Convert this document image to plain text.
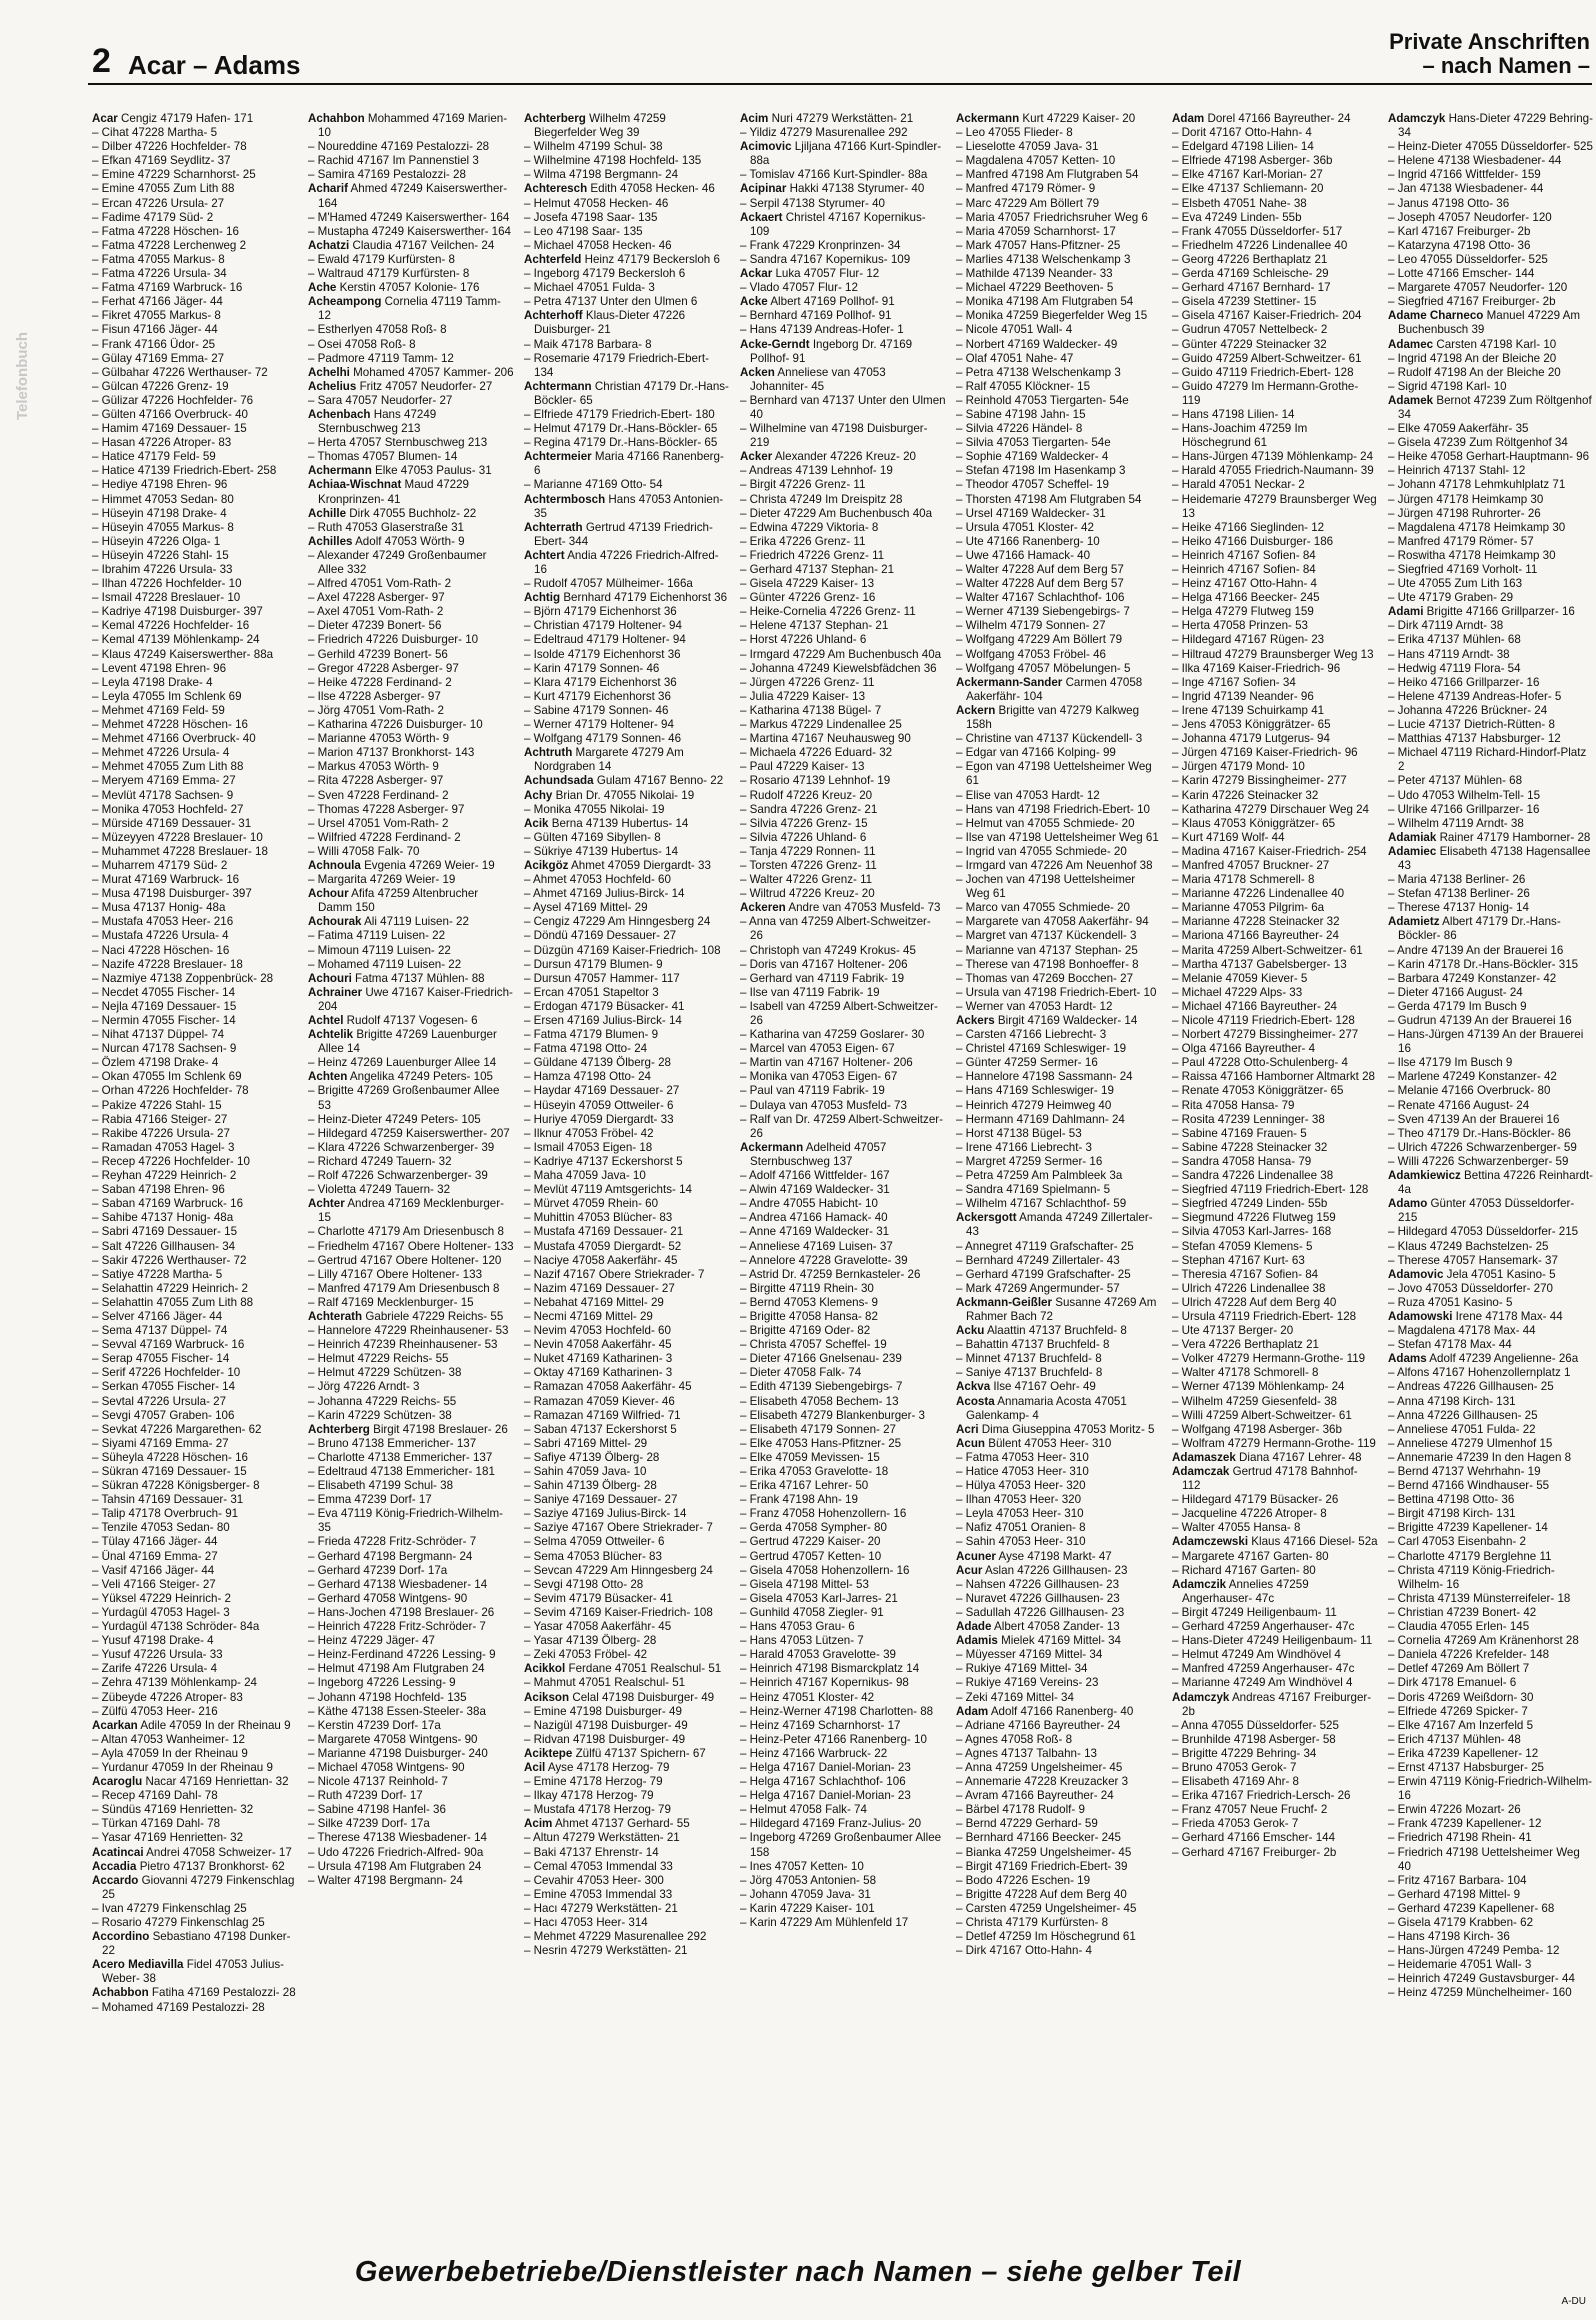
2 Acar – Adams
Private Anschriften
– nach Namen –
Telefonbuch
Acar Cengiz 47179 Hafen- 171
– Cihat 47228 Martha- 5
– Dilber 47226 Hochfelder- 78
– Efkan 47169 Seydlitz- 37
– Emine 47229 Scharnhorst- 25
– Emine 47055 Zum Lith 88
– Ercan 47226 Ursula- 27
– Fadime 47179 Süd- 2
– Fatma 47228 Höschen- 16
– Fatma 47228 Lerchenweg 2
– Fatma 47055 Markus- 8
– Fatma 47226 Ursula- 34
– Fatma 47169 Warbruck- 16
– Ferhat 47166 Jäger- 44
– Fikret 47055 Markus- 8
– Fisun 47166 Jäger- 44
– Frank 47166 Üdor- 25
– Gülay 47169 Emma- 27
– Gülbahar 47226 Werthauser- 72
– Gülcan 47226 Grenz- 19
– Gülizar 47226 Hochfelder- 76
– Gülten 47166 Overbruck- 40
– Hamim 47169 Dessauer- 15
– Hasan 47226 Atroper- 83
– Hatice 47179 Feld- 59
– Hatice 47139 Friedrich-Ebert- 258
– Hediye 47198 Ehren- 96
– Himmet 47053 Sedan- 80
– Hüseyin 47198 Drake- 4
– Hüseyin 47055 Markus- 8
– Hüseyin 47226 Olga- 1
– Hüseyin 47226 Stahl- 15
– Ibrahim 47226 Ursula- 33
– Ilhan 47226 Hochfelder- 10
– Ismail 47228 Breslauer- 10
– Kadriye 47198 Duisburger- 397
– Kemal 47226 Hochfelder- 16
– Kemal 47139 Möhlenkamp- 24
– Klaus 47249 Kaiserswerther- 88a
– Levent 47198 Ehren- 96
– Leyla 47198 Drake- 4
– Leyla 47055 Im Schlenk 69
– Mehmet 47169 Feld- 59
– Mehmet 47228 Höschen- 16
– Mehmet 47166 Overbruck- 40
– Mehmet 47226 Ursula- 4
– Mehmet 47055 Zum Lith 88
– Meryem 47169 Emma- 27
– Mevlüt 47178 Sachsen- 9
– Monika 47053 Hochfeld- 27
– Mürside 47169 Dessauer- 31
– Müzeyyen 47228 Breslauer- 10
– Muhammet 47228 Breslauer- 18
– Muharrem 47179 Süd- 2
– Murat 47169 Warbruck- 16
– Musa 47198 Duisburger- 397
– Musa 47137 Honig- 48a
– Mustafa 47053 Heer- 216
– Mustafa 47226 Ursula- 4
– Naci 47228 Höschen- 16
– Nazife 47228 Breslauer- 18
– Nazmiye 47138 Zoppenbrück- 28
– Necdet 47055 Fischer- 14
– Nejla 47169 Dessauer- 15
– Nermin 47055 Fischer- 14
– Nihat 47137 Düppel- 74
– Nurcan 47178 Sachsen- 9
– Özlem 47198 Drake- 4
– Okan 47055 Im Schlenk 69
– Orhan 47226 Hochfelder- 78
– Pakize 47226 Stahl- 15
– Rabia 47166 Steiger- 27
– Rakibe 47226 Ursula- 27
– Ramadan 47053 Hagel- 3
– Recep 47226 Hochfelder- 10
– Reyhan 47229 Heinrich- 2
– Saban 47198 Ehren- 96
– Saban 47169 Warbruck- 16
– Sahibe 47137 Honig- 48a
– Sabri 47169 Dessauer- 15
– Salt 47226 Gillhausen- 34
– Sakir 47226 Werthauser- 72
– Satiye 47228 Martha- 5
– Selahattin 47229 Heinrich- 2
– Selahattin 47055 Zum Lith 88
– Selver 47166 Jäger- 44
– Sema 47137 Düppel- 74
– Sevval 47169 Warbruck- 16
– Serap 47055 Fischer- 14
– Serif 47226 Hochfelder- 10
– Serkan 47055 Fischer- 14
– Sevtal 47226 Ursula- 27
– Sevgi 47057 Graben- 106
– Sevkat 47226 Margarethen- 62
– Siyami 47169 Emma- 27
– Süheyla 47228 Höschen- 16
– Sükran 47169 Dessauer- 15
– Sükran 47228 Königsberger- 8
– Tahsin 47169 Dessauer- 31
– Talip 47178 Overbruch- 91
– Tenzile 47053 Sedan- 80
– Tülay 47166 Jäger- 44
– Ünal 47169 Emma- 27
– Vasif 47166 Jäger- 44
– Veli 47166 Steiger- 27
– Yüksel 47229 Heinrich- 2
– Yurdagül 47053 Hagel- 3
– Yurdagül 47138 Schröder- 84a
– Yusuf 47198 Drake- 4
– Yusuf 47226 Ursula- 33
– Zarife 47226 Ursula- 4
– Zehra 47139 Möhlenkamp- 24
– Zübeyde 47226 Atroper- 83
– Zülfü 47053 Heer- 216
Acarkan Adile 47059 In der Rheinau 9
– Altan 47053 Wanheimer- 12
– Ayla 47059 In der Rheinau 9
– Yurdanur 47059 In der Rheinau 9
Acaroglu Nacar 47169 Henriettan- 32
– Recep 47169 Dahl- 78
– Sündüs 47169 Henrietten- 32
– Türkan 47169 Dahl- 78
– Yasar 47169 Henrietten- 32
Acatincai Andrei 47058 Schweizer- 17
Accadia Pietro 47137 Bronkhorst- 62
Accardo Giovanni 47279 Finkenschlag 25
– Ivan 47279 Finkenschlag 25
– Rosario 47279 Finkenschlag 25
Accordino Sebastiano 47198 Dunker- 22
Acero Mediavilla Fidel 47053 Julius-Weber- 38
Achabbon Fatiha 47169 Pestalozzi- 28
– Mohamed 47169 Pestalozzi- 28
Achahbon Mohammed 47169 Marien- 10
– Noureddine 47169 Pestalozzi- 28
– Rachid 47167 Im Pannenstiel 3
– Samira 47169 Pestalozzi- 28
Acharif Ahmed 47249 Kaiserswerther- 164
– M'Hamed 47249 Kaiserswerther- 164
– Mustapha 47249 Kaiserswerther- 164
Achatzi Claudia 47167 Veilchen- 24
– Ewald 47179 Kurfürsten- 8
– Waltraud 47179 Kurfürsten- 8
Ache Kerstin 47057 Kolonie- 176
Acheampong Cornelia 47119 Tamm- 12
– Estherlyen 47058 Roß- 8
– Osei 47058 Roß- 8
– Padmore 47119 Tamm- 12
Achelhi Mohamed 47057 Kammer- 206
Achelius Fritz 47057 Neudorfer- 27
– Sara 47057 Neudorfer- 27
Achenbach Hans 47249 Sternbuschweg 213
– Herta 47057 Sternbuschweg 213
– Thomas 47057 Blumen- 14
Achermann Elke 47053 Paulus- 31
Achiaa-Wischnat Maud 47229 Kronprinzen- 41
Achille Dirk 47055 Buchholz- 22
– Ruth 47053 Glaserstraße 31
Achilles Adolf 47053 Wörth- 9
– Alexander 47249 Großenbaumer Allee 332
– Alfred 47051 Vom-Rath- 2
– Axel 47228 Asberger- 97
– Axel 47051 Vom-Rath- 2
– Dieter 47239 Bonert- 56
– Friedrich 47226 Duisburger- 10
– Gerhild 47239 Bonert- 56
– Gregor 47228 Asberger- 97
– Heike 47228 Ferdinand- 2
– Ilse 47228 Asberger- 97
– Jörg 47051 Vom-Rath- 2
– Katharina 47226 Duisburger- 10
– Marianne 47053 Wörth- 9
– Marion 47137 Bronkhorst- 143
– Markus 47053 Wörth- 9
– Rita 47228 Asberger- 97
– Sven 47228 Ferdinand- 2
– Thomas 47228 Asberger- 97
– Ursel 47051 Vom-Rath- 2
– Wilfried 47228 Ferdinand- 2
– Willi 47058 Falk- 70
Achnoula Evgenia 47269 Weier- 19
– Margarita 47269 Weier- 19
Achour Afifa 47259 Altenbrucher Damm 150
Achourak Ali 47119 Luisen- 22
– Fatima 47119 Luisen- 22
– Mimoun 47119 Luisen- 22
– Mohamed 47119 Luisen- 22
Achouri Fatma 47137 Mühlen- 88
Achrainer Uwe 47167 Kaiser-Friedrich- 204
Achtel Rudolf 47137 Vogesen- 6
Achtelik Brigitte 47269 Lauenburger Allee 14
– Heinz 47269 Lauenburger Allee 14
Achten Angelika 47249 Peters- 105
– Brigitte 47269 Großenbaumer Allee 53
– Heinz-Dieter 47249 Peters- 105
– Hildegard 47259 Kaiserswerther- 207
– Klara 47226 Schwarzenberger- 39
– Richard 47249 Tauern- 32
– Rolf 47226 Schwarzenberger- 39
– Violetta 47249 Tauern- 32
Achter Andrea 47169 Mecklenburger- 15
– Charlotte 47179 Am Driesenbusch 8
– Friedhelm 47167 Obere Holtener- 133
– Gertrud 47167 Obere Holtener- 120
– Lilly 47167 Obere Holtener- 133
– Manfred 47179 Am Driesenbusch 8
– Ralf 47169 Mecklenburger- 15
Achterath Gabriele 47229 Reichs- 55
– Hannelore 47229 Rheinhausener- 53
– Heinrich 47239 Rheinhausener- 53
– Helmut 47229 Reichs- 55
– Helmut 47229 Schützen- 38
– Jörg 47226 Arndt- 3
– Johanna 47229 Reichs- 55
– Karin 47229 Schützen- 38
Achterberg Birgit 47198 Breslauer- 26
– Bruno 47138 Emmericher- 137
– Charlotte 47138 Emmericher- 137
– Edeltraud 47138 Emmericher- 181
– Elisabeth 47199 Schul- 38
– Emma 47239 Dorf- 17
– Eva 47119 König-Friedrich-Wilhelm- 35
– Frieda 47228 Fritz-Schröder- 7
– Gerhard 47198 Bergmann- 24
– Gerhard 47239 Dorf- 17a
– Gerhard 47138 Wiesbadener- 14
– Gerhard 47058 Wintgens- 90
– Hans-Jochen 47198 Breslauer- 26
– Heinrich 47228 Fritz-Schröder- 7
– Heinz 47229 Jäger- 47
– Heinz-Ferdinand 47226 Lessing- 9
– Helmut 47198 Am Flutgraben 24
– Ingeborg 47226 Lessing- 9
– Johann 47198 Hochfeld- 135
– Käthe 47138 Essen-Steeler- 38a
– Kerstin 47239 Dorf- 17a
– Margarete 47058 Wintgens- 90
– Marianne 47198 Duisburger- 240
– Michael 47058 Wintgens- 90
– Nicole 47137 Reinhold- 7
– Ruth 47239 Dorf- 17
– Sabine 47198 Hanfel- 36
– Silke 47239 Dorf- 17a
– Therese 47138 Wiesbadener- 14
– Udo 47226 Friedrich-Alfred- 90a
– Ursula 47198 Am Flutgraben 24
– Walter 47198 Bergmann- 24
Achterberg Wilhelm 47259 Biegerfelder Weg 39
– Wilhelm 47199 Schul- 38
– Wilhelmine 47198 Hochfeld- 135
– Wilma 47198 Bergmann- 24
Achteresch Edith 47058 Hecken- 46
– Helmut 47058 Hecken- 46
– Josefa 47198 Saar- 135
– Leo 47198 Saar- 135
– Michael 47058 Hecken- 46
Achterfeld Heinz 47179 Beckersloh 6
– Ingeborg 47179 Beckersloh 6
– Michael 47051 Fulda- 3
– Petra 47137 Unter den Ulmen 6
Achterhoff Klaus-Dieter 47226 Duisburger- 21
– Maik 47178 Barbara- 8
– Rosemarie 47179 Friedrich-Ebert- 134
Achtermann Christian 47179 Dr.-Hans-Böckler- 65
– Elfriede 47179 Friedrich-Ebert- 180
– Helmut 47179 Dr.-Hans-Böckler- 65
– Regina 47179 Dr.-Hans-Böckler- 65
Achtermeier Maria 47166 Ranenberg- 6
– Marianne 47169 Otto- 54
Achtermbosch Hans 47053 Antonien- 35
Achterrath Gertrud 47139 Friedrich-Ebert- 344
Achtert Andia 47226 Friedrich-Alfred- 16
– Rudolf 47057 Mülheimer- 166a
Achtig Bernhard 47179 Eichenhorst 36
– Björn 47179 Eichenhorst 36
– Christian 47179 Holtener- 94
– Edeltraud 47179 Holtener- 94
– Isolde 47179 Eichenhorst 36
– Karin 47179 Sonnen- 46
– Klara 47179 Eichenhorst 36
– Kurt 47179 Eichenhorst 36
– Sabine 47179 Sonnen- 46
– Werner 47179 Holtener- 94
– Wolfgang 47179 Sonnen- 46
Achtruth Margarete 47279 Am Nordgraben 14
Achundsada Gulam 47167 Benno- 22
Achy Brian Dr. 47055 Nikolai- 19
– Monika 47055 Nikolai- 19
Acik Berna 47139 Hubertus- 14
– Gülten 47169 Sibyllen- 8
– Sükriye 47139 Hubertus- 14
Acikgöz Ahmet 47059 Diergardt- 33
– Ahmet 47053 Hochfeld- 60
– Ahmet 47169 Julius-Birck- 14
– Aysel 47169 Mittel- 29
– Cengiz 47229 Am Hinngesberg 24
– Döndü 47169 Dessauer- 27
– Düzgün 47169 Kaiser-Friedrich- 108
– Dursun 47179 Blumen- 9
– Dursun 47057 Hammer- 117
– Ercan 47051 Stapeltor 3
– Erdogan 47179 Büsacker- 41
– Ersen 47169 Julius-Birck- 14
– Fatma 47179 Blumen- 9
– Fatma 47198 Otto- 24
– Güldane 47139 Ölberg- 28
– Hamza 47198 Otto- 24
– Haydar 47169 Dessauer- 27
– Hüseyin 47059 Ottweiler- 6
– Huriye 47059 Diergardt- 33
– Ilknur 47053 Fröbel- 42
– Ismail 47053 Eigen- 18
– Kadriye 47137 Eckershorst 5
– Maha 47059 Java- 10
– Mevlüt 47119 Amtsgerichts- 14
– Mürvet 47059 Rhein- 60
– Muhittin 47053 Blücher- 83
– Mustafa 47169 Dessauer- 21
– Mustafa 47059 Diergardt- 52
– Naciye 47058 Aakerfähr- 45
– Nazif 47167 Obere Striekrader- 7
– Nazim 47169 Dessauer- 27
– Nebahat 47169 Mittel- 29
– Necmi 47169 Mittel- 29
– Nevim 47053 Hochfeld- 60
– Nevin 47058 Aakerfähr- 45
– Nuket 47169 Katharinen- 3
– Oktay 47169 Katharinen- 3
– Ramazan 47058 Aakerfähr- 45
– Ramazan 47059 Kiever- 46
– Ramazan 47169 Wilfried- 71
– Saban 47137 Eckershorst 5
– Sabri 47169 Mittel- 29
– Safiye 47139 Ölberg- 28
– Sahin 47059 Java- 10
– Sahin 47139 Ölberg- 28
– Saniye 47169 Dessauer- 27
– Saziye 47169 Julius-Birck- 14
– Saziye 47167 Obere Striekrader- 7
– Selma 47059 Ottweiler- 6
– Sema 47053 Blücher- 83
– Sevcan 47229 Am Hinngesberg 24
– Sevgi 47198 Otto- 28
– Sevim 47179 Büsacker- 41
– Sevim 47169 Kaiser-Friedrich- 108
– Yasar 47058 Aakerfähr- 45
– Yasar 47139 Ölberg- 28
– Zeki 47053 Fröbel- 42
Acikkol Ferdane 47051 Realschul- 51
– Mahmut 47051 Realschul- 51
Acikson Celal 47198 Duisburger- 49
– Emine 47198 Duisburger- 49
– Nazigül 47198 Duisburger- 49
– Ridvan 47198 Duisburger- 49
Aciktepe Zülfü 47137 Spichern- 67
Acil Ayse 47178 Herzog- 79
– Emine 47178 Herzog- 79
– Ilkay 47178 Herzog- 79
– Mustafa 47178 Herzog- 79
Acim Ahmet 47137 Gerhard- 55
– Altun 47279 Werkstätten- 21
– Baki 47137 Ehrenstr- 14
– Cemal 47053 Immendal 33
– Cevahir 47053 Heer- 300
– Emine 47053 Immendal 33
– Hacı 47279 Werkstätten- 21
– Hacı 47053 Heer- 314
– Mehmet 47229 Masurenallee 292
– Nesrin 47279 Werkstätten- 21
Acim Nuri 47279 Werkstätten- 21
– Yildiz 47279 Masurenallee 292
Acimovic Ljiljana 47166 Kurt-Spindler- 88a
– Tomislav 47166 Kurt-Spindler- 88a
Acipinar Hakki 47138 Styrumer- 40
– Serpil 47138 Styrumer- 40
Ackaert Christel 47167 Kopernikus- 109
– Frank 47229 Kronprinzen- 34
– Sandra 47167 Kopernikus- 109
Ackar Luka 47057 Flur- 12
– Vlado 47057 Flur- 12
Acke Albert 47169 Pollhof- 91
– Bernhard 47169 Pollhof- 91
– Hans 47139 Andreas-Hofer- 1
Acke-Gerndt Ingeborg Dr. 47169 Pollhof- 91
Acken Anneliese van 47053 Johanniter- 45
– Bernhard van 47137 Unter den Ulmen 40
– Wilhelmine van 47198 Duisburger- 219
Acker Alexander 47226 Kreuz- 20
– Andreas 47139 Lehnhof- 19
– Birgit 47226 Grenz- 11
– Christa 47249 Im Dreispitz 28
– Dieter 47229 Am Buchenbusch 40a
– Edwina 47229 Viktoria- 8
– Erika 47226 Grenz- 11
– Friedrich 47226 Grenz- 11
– Gerhard 47137 Stephan- 21
– Gisela 47229 Kaiser- 13
– Günter 47226 Grenz- 16
– Heike-Cornelia 47226 Grenz- 11
– Helene 47137 Stephan- 21
– Horst 47226 Uhland- 6
– Irmgard 47229 Am Buchenbusch 40a
– Johanna 47249 Kiewelsbfädchen 36
– Jürgen 47226 Grenz- 11
– Julia 47229 Kaiser- 13
– Katharina 47138 Bügel- 7
– Markus 47229 Lindenallee 25
– Martina 47167 Neuhausweg 90
– Michaela 47226 Eduard- 32
– Paul 47229 Kaiser- 13
– Rosario 47139 Lehnhof- 19
– Rudolf 47226 Kreuz- 20
– Sandra 47226 Grenz- 21
– Silvia 47226 Grenz- 15
– Silvia 47226 Uhland- 6
– Tanja 47229 Ronnen- 11
– Torsten 47226 Grenz- 11
– Walter 47226 Grenz- 11
– Wiltrud 47226 Kreuz- 20
Ackeren Andre van 47053 Musfeld- 73
– Anna van 47259 Albert-Schweitzer- 26
– Christoph van 47249 Krokus- 45
– Doris van 47167 Holtener- 206
– Gerhard van 47119 Fabrik- 19
– Ilse van 47119 Fabrik- 19
– Isabell van 47259 Albert-Schweitzer- 26
– Katharina van 47259 Goslarer- 30
– Marcel van 47053 Eigen- 67
– Martin van 47167 Holtener- 206
– Monika van 47053 Eigen- 67
– Paul van 47119 Fabrik- 19
– Dulaya van 47053 Musfeld- 73
– Ralf van Dr. 47259 Albert-Schweitzer- 26
Ackermann Adelheid 47057 Sternbuschweg 137
– Adolf 47166 Wittfelder- 167
– Alwin 47169 Waldecker- 31
– Andre 47055 Habicht- 10
– Andrea 47166 Hamack- 40
– Anne 47169 Waldecker- 31
– Anneliese 47169 Luisen- 37
– Annelore 47228 Gravelotte- 39
– Astrid Dr. 47259 Bernkasteler- 26
– Birgitte 47119 Rhein- 30
– Bernd 47053 Klemens- 9
– Brigitte 47058 Hansa- 82
– Brigitte 47169 Oder- 82
– Christa 47057 Scheffel- 19
– Dieter 47166 Gnelsenau- 239
– Dieter 47058 Falk- 74
– Edith 47139 Siebengebirgs- 7
– Elisabeth 47058 Bechem- 13
– Elisabeth 47279 Blankenburger- 3
– Elisabeth 47179 Sonnen- 27
– Elke 47053 Hans-Pfitzner- 25
– Elke 47059 Mevissen- 15
– Erika 47053 Gravelotte- 18
– Erika 47167 Lehrer- 50
– Frank 47198 Ahn- 19
– Franz 47058 Hohenzollern- 16
– Gerda 47058 Sympher- 80
– Gertrud 47229 Kaiser- 20
– Gertrud 47057 Ketten- 10
– Gisela 47058 Hohenzollern- 16
– Gisela 47198 Mittel- 53
– Gisela 47053 Karl-Jarres- 21
– Gunhild 47058 Ziegler- 91
– Hans 47053 Grau- 6
– Hans 47053 Lützen- 7
– Harald 47053 Gravelotte- 39
– Heinrich 47198 Bismarckplatz 14
– Heinrich 47167 Kopernikus- 98
– Heinz 47051 Kloster- 42
– Heinz-Werner 47198 Charlotten- 88
– Heinz 47169 Scharnhorst- 17
– Heinz-Peter 47166 Ranenberg- 10
– Heinz 47166 Warbruck- 22
– Helga 47167 Daniel-Morian- 23
– Helga 47167 Schlachthof- 106
– Helga 47167 Daniel-Morian- 23
– Helmut 47058 Falk- 74
– Hildegard 47169 Franz-Julius- 20
– Ingeborg 47269 Großenbaumer Allee 158
– Ines 47057 Ketten- 10
– Jörg 47053 Antonien- 58
– Johann 47059 Java- 31
– Karin 47229 Kaiser- 101
– Karin 47229 Am Mühlenfeld 17
Ackermann Kurt 47229 Kaiser- 20
– Leo 47055 Flieder- 8
– Lieselotte 47059 Java- 31
– Magdalena 47057 Ketten- 10
– Manfred 47198 Am Flutgraben 54
– Manfred 47179 Römer- 9
– Marc 47229 Am Böllert 79
– Maria 47057 Friedrichsruher Weg 6
– Maria 47059 Scharnhorst- 17
– Mark 47057 Hans-Pfitzner- 25
– Marlies 47138 Welschenkamp 3
– Mathilde 47139 Neander- 33
– Michael 47229 Beethoven- 5
– Monika 47198 Am Flutgraben 54
– Monika 47259 Biegerfelder Weg 15
– Nicole 47051 Wall- 4
– Norbert 47169 Waldecker- 49
– Olaf 47051 Nahe- 47
– Petra 47138 Welschenkamp 3
– Ralf 47055 Klöckner- 15
– Reinhold 47053 Tiergarten- 54e
– Sabine 47198 Jahn- 15
– Silvia 47226 Händel- 8
– Silvia 47053 Tiergarten- 54e
– Sophie 47169 Waldecker- 4
– Stefan 47198 Im Hasenkamp 3
– Theodor 47057 Scheffel- 19
– Thorsten 47198 Am Flutgraben 54
– Ursel 47169 Waldecker- 31
– Ursula 47051 Kloster- 42
– Ute 47166 Ranenberg- 10
– Uwe 47166 Hamack- 40
– Walter 47228 Auf dem Berg 57
– Walter 47228 Auf dem Berg 57
– Walter 47167 Schlachthof- 106
– Werner 47139 Siebengebirgs- 7
– Wilhelm 47179 Sonnen- 27
– Wolfgang 47229 Am Böllert 79
– Wolfgang 47053 Fröbel- 46
– Wolfgang 47057 Möbelungen- 5
Ackermann-Sander Carmen 47058 Aakerfähr- 104
Ackern Brigitte van 47279 Kalkweg 158h
– Christine van 47137 Kückendell- 3
– Edgar van 47166 Kolping- 99
– Egon van 47198 Uettelsheimer Weg 61
– Elise van 47053 Hardt- 12
– Hans van 47198 Friedrich-Ebert- 10
– Helmut van 47055 Schmiede- 20
– Ilse van 47198 Uettelsheimer Weg 61
– Ingrid van 47055 Schmiede- 20
– Irmgard van 47226 Am Neuenhof 38
– Jochen van 47198 Uettelsheimer Weg 61
– Marco van 47055 Schmiede- 20
– Margarete van 47058 Aakerfähr- 94
– Margret van 47137 Kückendell- 3
– Marianne van 47137 Stephan- 25
– Therese van 47198 Bonhoeffer- 8
– Thomas van 47269 Bocchen- 27
– Ursula van 47198 Friedrich-Ebert- 10
– Werner van 47053 Hardt- 12
Ackers Birgit 47169 Waldecker- 14
– Carsten 47166 Liebrecht- 3
– Christel 47169 Schleswiger- 19
– Günter 47259 Sermer- 16
– Hannelore 47198 Sassmann- 24
– Hans 47169 Schleswiger- 19
– Heinrich 47279 Heimweg 40
– Hermann 47169 Dahlmann- 24
– Horst 47138 Bügel- 53
– Irene 47166 Liebrecht- 3
– Margret 47259 Sermer- 16
– Petra 47259 Am Palmbleek 3a
– Sandra 47169 Spielmann- 5
– Wilhelm 47167 Schlachthof- 59
Ackersgott Amanda 47249 Zillertaler- 43
– Annegret 47119 Grafschafter- 25
– Bernhard 47249 Zillertaler- 43
– Gerhard 47199 Grafschafter- 25
– Mark 47269 Angermunder- 57
Ackmann-Geißler Susanne 47269 Am Rahmer Bach 72
Acku Alaattin 47137 Bruchfeld- 8
– Bahattin 47137 Bruchfeld- 8
– Minnet 47137 Bruchfeld- 8
– Saniye 47137 Bruchfeld- 8
Ackva Ilse 47167 Oehr- 49
Acosta Annamaria Acosta 47051 Galenkamp- 4
Acri Dima Giuseppina 47053 Moritz- 5
Acun Bülent 47053 Heer- 310
– Fatma 47053 Heer- 310
– Hatice 47053 Heer- 310
– Hülya 47053 Heer- 320
– Ilhan 47053 Heer- 320
– Leyla 47053 Heer- 310
– Nafiz 47051 Oranien- 8
– Sahin 47053 Heer- 310
Acuner Ayse 47198 Markt- 47
Acur Aslan 47226 Gillhausen- 23
– Nahsen 47226 Gillhausen- 23
– Nuravet 47226 Gillhausen- 23
– Sadullah 47226 Gillhausen- 23
Adade Albert 47058 Zander- 13
Adamis Mielek 47169 Mittel- 34
– Müyesser 47169 Mittel- 34
– Rukiye 47169 Mittel- 34
– Rukiye 47169 Vereins- 23
– Zeki 47169 Mittel- 34
Adam Adolf 47166 Ranenberg- 40
– Adriane 47166 Bayreuther- 24
– Agnes 47058 Roß- 8
– Agnes 47137 Talbahn- 13
– Anna 47259 Ungelsheimer- 45
– Annemarie 47228 Kreuzacker 3
– Avram 47166 Bayreuther- 24
– Bärbel 47178 Rudolf- 9
– Bernd 47229 Gerhard- 59
– Bernhard 47166 Beecker- 245
– Bianka 47259 Ungelsheimer- 45
– Birgit 47169 Friedrich-Ebert- 39
– Bodo 47226 Eschen- 19
– Brigitte 47228 Auf dem Berg 40
– Carsten 47259 Ungelsheimer- 45
– Christa 47179 Kurfürsten- 8
– Detlef 47259 Im Höschegrund 61
– Dirk 47167 Otto-Hahn- 4
Adam Dorel 47166 Bayreuther- 24
– Dorit 47167 Otto-Hahn- 4
– Edelgard 47198 Lilien- 14
– Elfriede 47198 Asberger- 36b
– Elke 47167 Karl-Morian- 27
– Elke 47137 Schliemann- 20
– Elsbeth 47051 Nahe- 38
– Eva 47249 Linden- 55b
– Frank 47055 Düsseldorfer- 517
– Friedhelm 47226 Lindenallee 40
– Georg 47226 Berthaplatz 21
– Gerda 47169 Schleische- 29
– Gerhard 47167 Bernhard- 17
– Gisela 47239 Stettiner- 15
– Gisela 47167 Kaiser-Friedrich- 204
– Gudrun 47057 Nettelbeck- 2
– Günter 47229 Steinacker 32
– Guido 47259 Albert-Schweitzer- 61
– Guido 47119 Friedrich-Ebert- 128
– Guido 47279 Im Hermann-Grothe- 119
– Hans 47198 Lilien- 14
– Hans-Joachim 47259 Im Höschegrund 61
– Hans-Jürgen 47139 Möhlenkamp- 24
– Harald 47055 Friedrich-Naumann- 39
– Harald 47051 Neckar- 2
– Heidemarie 47279 Braunsberger Weg 13
– Heike 47166 Sieglinden- 12
– Heiko 47166 Duisburger- 186
– Heinrich 47167 Sofien- 84
– Heinrich 47167 Sofien- 84
– Heinz 47167 Otto-Hahn- 4
– Helga 47166 Beecker- 245
– Helga 47279 Flutweg 159
– Herta 47058 Prinzen- 53
– Hildegard 47167 Rügen- 23
– Hiltraud 47279 Braunsberger Weg 13
– Ilka 47169 Kaiser-Friedrich- 96
– Inge 47167 Sofien- 34
– Ingrid 47139 Neander- 96
– Irene 47139 Schuirkamp 41
– Jens 47053 Königgrätzer- 65
– Johanna 47179 Lutgerus- 94
– Jürgen 47169 Kaiser-Friedrich- 96
– Jürgen 47179 Mond- 10
– Karin 47279 Bissingheimer- 277
– Karin 47226 Steinacker 32
– Katharina 47279 Dirschauer Weg 24
– Klaus 47053 Königgrätzer- 65
– Kurt 47169 Wolf- 44
– Madina 47167 Kaiser-Friedrich- 254
– Manfred 47057 Bruckner- 27
– Maria 47178 Schmerell- 8
– Marianne 47226 Lindenallee 40
– Marianne 47053 Pilgrim- 6a
– Marianne 47228 Steinacker 32
– Mariona 47166 Bayreuther- 24
– Marita 47259 Albert-Schweitzer- 61
– Martha 47137 Gabelsberger- 13
– Melanie 47059 Kiever- 5
– Michael 47229 Alps- 33
– Michael 47166 Bayreuther- 24
– Nicole 47119 Friedrich-Ebert- 128
– Norbert 47279 Bissingheimer- 277
– Olga 47166 Bayreuther- 4
– Paul 47228 Otto-Schulenberg- 4
– Raissa 47166 Hamborner Altmarkt 28
– Renate 47053 Königgrätzer- 65
– Rita 47058 Hansa- 79
– Rosita 47239 Lenninger- 38
– Sabine 47169 Frauen- 5
– Sabine 47228 Steinacker 32
– Sandra 47058 Hansa- 79
– Sandra 47226 Lindenallee 38
– Siegfried 47119 Friedrich-Ebert- 128
– Siegfried 47249 Linden- 55b
– Siegmund 47226 Flutweg 159
– Silvia 47053 Karl-Jarres- 168
– Stefan 47059 Klemens- 5
– Stephan 47167 Kurt- 63
– Theresia 47167 Sofien- 84
– Ulrich 47226 Lindenallee 38
– Ulrich 47228 Auf dem Berg 40
– Ursula 47119 Friedrich-Ebert- 128
– Ute 47137 Berger- 20
– Vera 47226 Berthaplatz 21
– Volker 47279 Hermann-Grothe- 119
– Walter 47178 Schmorell- 8
– Werner 47139 Möhlenkamp- 24
– Wilhelm 47259 Giesenfeld- 38
– Willi 47259 Albert-Schweitzer- 61
– Wolfgang 47198 Asberger- 36b
– Wolfram 47279 Hermann-Grothe- 119
Adamaszek Diana 47167 Lehrer- 48
Adamczak Gertrud 47178 Bahnhof- 112
– Hildegard 47179 Büsacker- 26
– Jacqueline 47226 Atroper- 8
– Walter 47055 Hansa- 8
Adamczewski Klaus 47166 Diesel- 52a
– Margarete 47167 Garten- 80
– Richard 47167 Garten- 80
Adamczik Annelies 47259 Angerhauser- 47c
– Birgit 47249 Heiligenbaum- 11
– Gerhard 47259 Angerhauser- 47c
– Hans-Dieter 47249 Heiligenbaum- 11
– Helmut 47249 Am Windhövel 4
– Manfred 47259 Angerhauser- 47c
– Marianne 47249 Am Windhövel 4
Adamczyk Andreas 47167 Freiburger- 2b
– Anna 47055 Düsseldorfer- 525
– Brunhilde 47198 Asberger- 58
– Brigitte 47229 Behring- 34
– Bruno 47053 Gerok- 7
– Elisabeth 47169 Ahr- 8
– Erika 47167 Friedrich-Lersch- 26
– Franz 47057 Neue Fruchf- 2
– Frieda 47053 Gerok- 7
– Gerhard 47166 Emscher- 144
– Gerhard 47167 Freiburger- 2b
Adamczyk Hans-Dieter 47229 Behring- 34
– Heinz-Dieter 47055 Düsseldorfer- 525
– Helene 47138 Wiesbadener- 44
– Ingrid 47166 Wittfelder- 159
– Jan 47138 Wiesbadener- 44
– Janus 47198 Otto- 36
– Joseph 47057 Neudorfer- 120
– Karl 47167 Freiburger- 2b
– Katarzyna 47198 Otto- 36
– Leo 47055 Düsseldorfer- 525
– Lotte 47166 Emscher- 144
– Margarete 47057 Neudorfer- 120
– Siegfried 47167 Freiburger- 2b
Adame Charneco Manuel 47229 Am Buchenbusch 39
Adamec Carsten 47198 Karl- 10
– Ingrid 47198 An der Bleiche 20
– Rudolf 47198 An der Bleiche 20
– Sigrid 47198 Karl- 10
Adamek Bernot 47239 Zum Röltgenhof 34
– Elke 47059 Aakerfähr- 35
– Gisela 47239 Zum Röltgenhof 34
– Heike 47058 Gerhart-Hauptmann- 96
– Heinrich 47137 Stahl- 12
– Johann 47178 Lehmkuhlplatz 71
– Jürgen 47178 Heimkamp 30
– Jürgen 47198 Ruhrorter- 26
– Magdalena 47178 Heimkamp 30
– Manfred 47179 Römer- 57
– Roswitha 47178 Heimkamp 30
– Siegfried 47169 Vorholt- 11
– Ute 47055 Zum Lith 163
– Ute 47179 Graben- 29
Adami Brigitte 47166 Grillparzer- 16
– Dirk 47119 Arndt- 38
– Erika 47137 Mühlen- 68
– Hans 47119 Arndt- 38
– Hedwig 47119 Flora- 54
– Heiko 47166 Grillparzer- 16
– Helene 47139 Andreas-Hofer- 5
– Johanna 47226 Brückner- 24
– Lucie 47137 Dietrich-Rütten- 8
– Matthias 47137 Habsburger- 12
– Michael 47119 Richard-Hindorf-Platz 2
– Peter 47137 Mühlen- 68
– Udo 47053 Wilhelm-Tell- 15
– Ulrike 47166 Grillparzer- 16
– Wilhelm 47119 Arndt- 38
Adamiak Rainer 47179 Hamborner- 28
Adamiec Elisabeth 47138 Hagensallee 43
– Maria 47138 Berliner- 26
– Stefan 47138 Berliner- 26
– Therese 47137 Honig- 14
Adamietz Albert 47179 Dr.-Hans-Böckler- 86
– Andre 47139 An der Brauerei 16
– Karin 47178 Dr.-Hans-Böckler- 315
– Barbara 47249 Konstanzer- 42
– Dieter 47166 August- 24
– Gerda 47179 Im Busch 9
– Gudrun 47139 An der Brauerei 16
– Hans-Jürgen 47139 An der Brauerei 16
– Ilse 47179 Im Busch 9
– Marlene 47249 Konstanzer- 42
– Melanie 47166 Overbruck- 80
– Renate 47166 August- 24
– Sven 47139 An der Brauerei 16
– Theo 47179 Dr.-Hans-Böckler- 86
– Ulrich 47226 Schwarzenberger- 59
– Willi 47226 Schwarzenberger- 59
Adamkiewicz Bettina 47226 Reinhardt- 4a
Adamo Günter 47053 Düsseldorfer- 215
– Hildegard 47053 Düsseldorfer- 215
– Klaus 47249 Bachstelzen- 25
– Therese 47057 Hansemark- 37
Adamovic Jela 47051 Kasino- 5
– Jovo 47053 Düsseldorfer- 270
– Ruza 47051 Kasino- 5
Adamowski Irene 47178 Max- 44
– Magdalena 47178 Max- 44
– Stefan 47178 Max- 44
Adams Adolf 47239 Angelienne- 26a
– Alfons 47167 Hohenzollernplatz 1
– Andreas 47226 Gillhausen- 25
– Anna 47198 Kirch- 131
– Anna 47226 Gillhausen- 25
– Anneliese 47051 Fulda- 22
– Anneliese 47279 Ulmenhof 15
– Annemarie 47239 In den Hagen 8
– Bernd 47137 Wehrhahn- 19
– Bernd 47166 Windhauser- 55
– Bettina 47198 Otto- 36
– Birgit 47198 Kirch- 131
– Brigitte 47239 Kapellener- 14
– Carl 47053 Eisenbahn- 2
– Charlotte 47179 Berglehne 11
– Christa 47119 König-Friedrich-Wilhelm- 16
– Christa 47139 Münsterreifeler- 18
– Christian 47239 Bonert- 42
– Claudia 47055 Erlen- 145
– Cornelia 47269 Am Kränenhorst 28
– Daniela 47226 Krefelder- 148
– Detlef 47269 Am Böllert 7
– Dirk 47178 Emanuel- 6
– Doris 47269 Weißdorn- 30
– Elfriede 47269 Spicker- 7
– Elke 47167 Am Inzerfeld 5
– Erich 47137 Mühlen- 48
– Erika 47239 Kapellener- 12
– Ernst 47137 Habsburger- 25
– Erwin 47119 König-Friedrich-Wilhelm- 16
– Erwin 47226 Mozart- 26
– Frank 47239 Kapellener- 12
– Friedrich 47198 Rhein- 41
– Friedrich 47198 Uettelsheimer Weg 40
– Fritz 47167 Barbara- 104
– Gerhard 47198 Mittel- 9
– Gerhard 47239 Kapellener- 68
– Gisela 47179 Krabben- 62
– Hans 47198 Kirch- 36
– Hans-Jürgen 47249 Pemba- 12
– Heidemarie 47051 Wall- 3
– Heinrich 47249 Gustavsburger- 44
– Heinz 47259 Münchelheimer- 160
Gewerbebetriebe/Dienstleister nach Namen – siehe gelber Teil
A-DU
